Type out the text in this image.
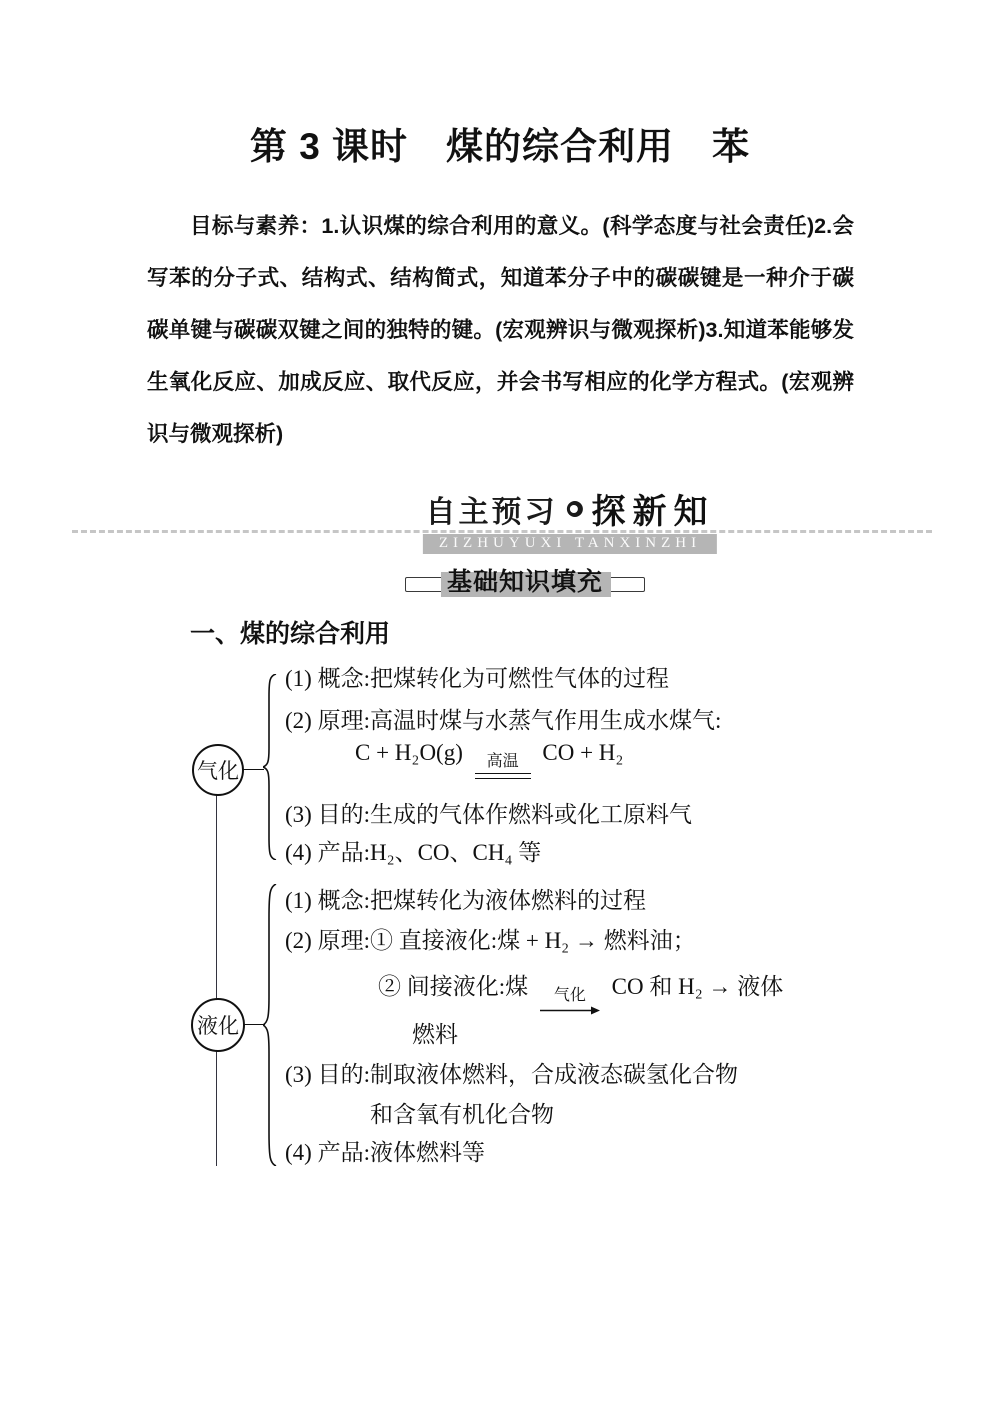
第 3 课时　煤的综合利用　苯

目标与素养：1.认识煤的综合利用的意义。(科学态度与社会责任)2.会写苯的分子式、结构式、结构简式，知道苯分子中的碳碳键是一种介于碳碳单键与碳碳双键之间的独特的键。(宏观辨识与微观探析)3.知道苯能够发生氧化反应、加成反应、取代反应，并会书写相应的化学方程式。(宏观辨识与微观探析)

自主预习 探新知
ZIZHUYUXI TANXINZHI
基础知识填充
一、煤的综合利用
气化
液化
(1) 概念:把煤转化为可燃性气体的过程
(2) 原理:高温时煤与水蒸气作用生成水煤气:
C + H₂O(g) 高温 CO + H₂
(3) 目的:生成的气体作燃料或化工原料气
(4) 产品:H₂、CO、CH₄ 等
(1) 概念:把煤转化为液体燃料的过程
(2) 原理:① 直接液化:煤 + H₂ → 燃料油；
② 间接液化:煤 气化 CO 和 H₂ → 液体
燃料
(3) 目的:制取液体燃料，合成液态碳氢化合物
和含氧有机化合物
(4) 产品:液体燃料等
